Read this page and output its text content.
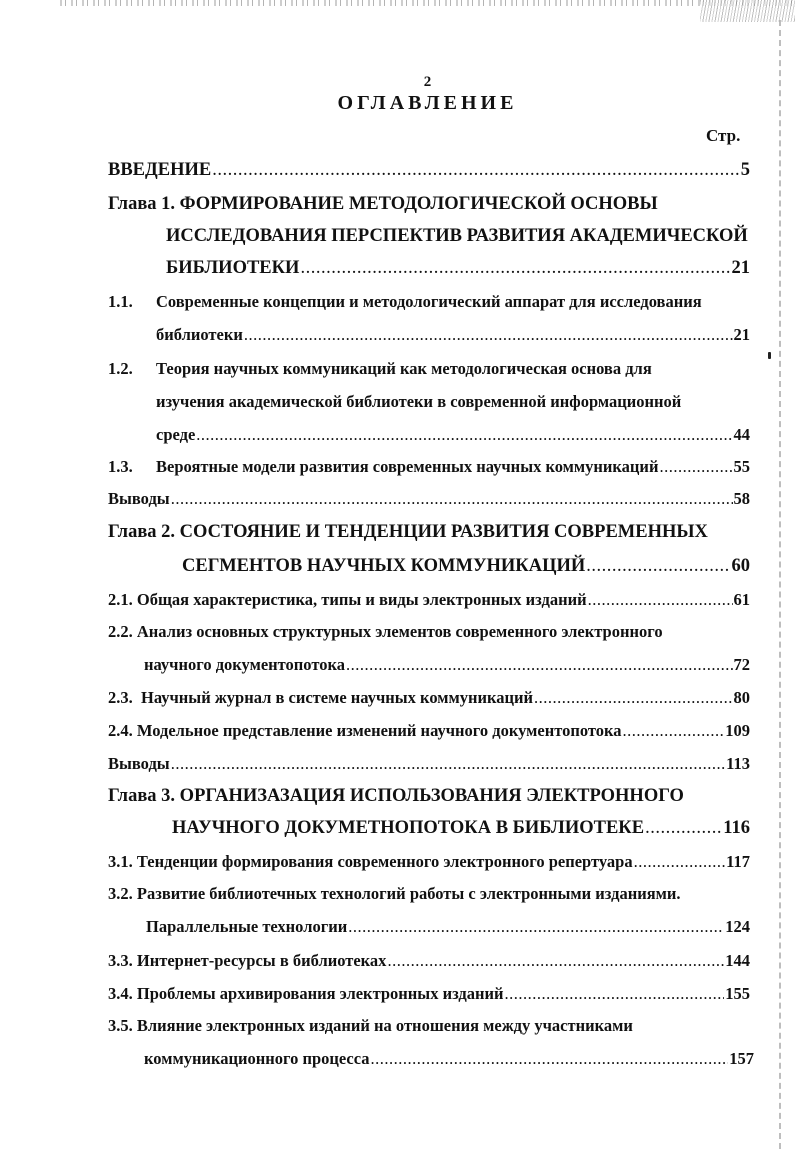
2
ОГЛАВЛЕНИЕ
Стр.
ВВЕДЕНИЕ .....	5
Глава 1. ФОРМИРОВАНИЕ МЕТОДОЛОГИЧЕСКОЙ ОСНОВЫ
ИССЛЕДОВАНИЯ ПЕРСПЕКТИВ РАЗВИТИЯ АКАДЕМИЧЕСКОЙ
БИБЛИОТЕКИ .....	21
1.1.	Современные концепции и методологический аппарат для исследования
библиотеки .....	21
1.2.	Теория научных коммуникаций как методологическая основа для
изучения академической библиотеки в современной информационной
среде .....	44
1.3.	Вероятные модели развития современных научных коммуникаций .....	55
Выводы .....	58
Глава 2. СОСТОЯНИЕ И ТЕНДЕНЦИИ РАЗВИТИЯ СОВРЕМЕННЫХ
СЕГМЕНТОВ НАУЧНЫХ КОММУНИКАЦИЙ .....	60
2.1. Общая характеристика, типы и виды электронных изданий .....	61
2.2. Анализ основных структурных элементов современного электронного
научного документопотока .....	72
2.3.  Научный журнал в системе научных коммуникаций .....	80
2.4. Модельное представление изменений научного документопотока .....	109
Выводы .....	113
Глава 3. ОРГАНИЗАЗАЦИЯ ИСПОЛЬЗОВАНИЯ ЭЛЕКТРОННОГО
НАУЧНОГО ДОКУМЕТНОПОТОКА В БИБЛИОТЕКЕ .....	116
3.1. Тенденции формирования современного электронного репертуара .....	117
3.2. Развитие библиотечных технологий работы с электронными изданиями.
Параллельные технологии .....	124
3.3. Интернет-ресурсы в библиотеках .....	144
3.4. Проблемы архивирования электронных изданий .....	155
3.5. Влияние электронных изданий на отношения между участниками
коммуникационного процесса .....	157
